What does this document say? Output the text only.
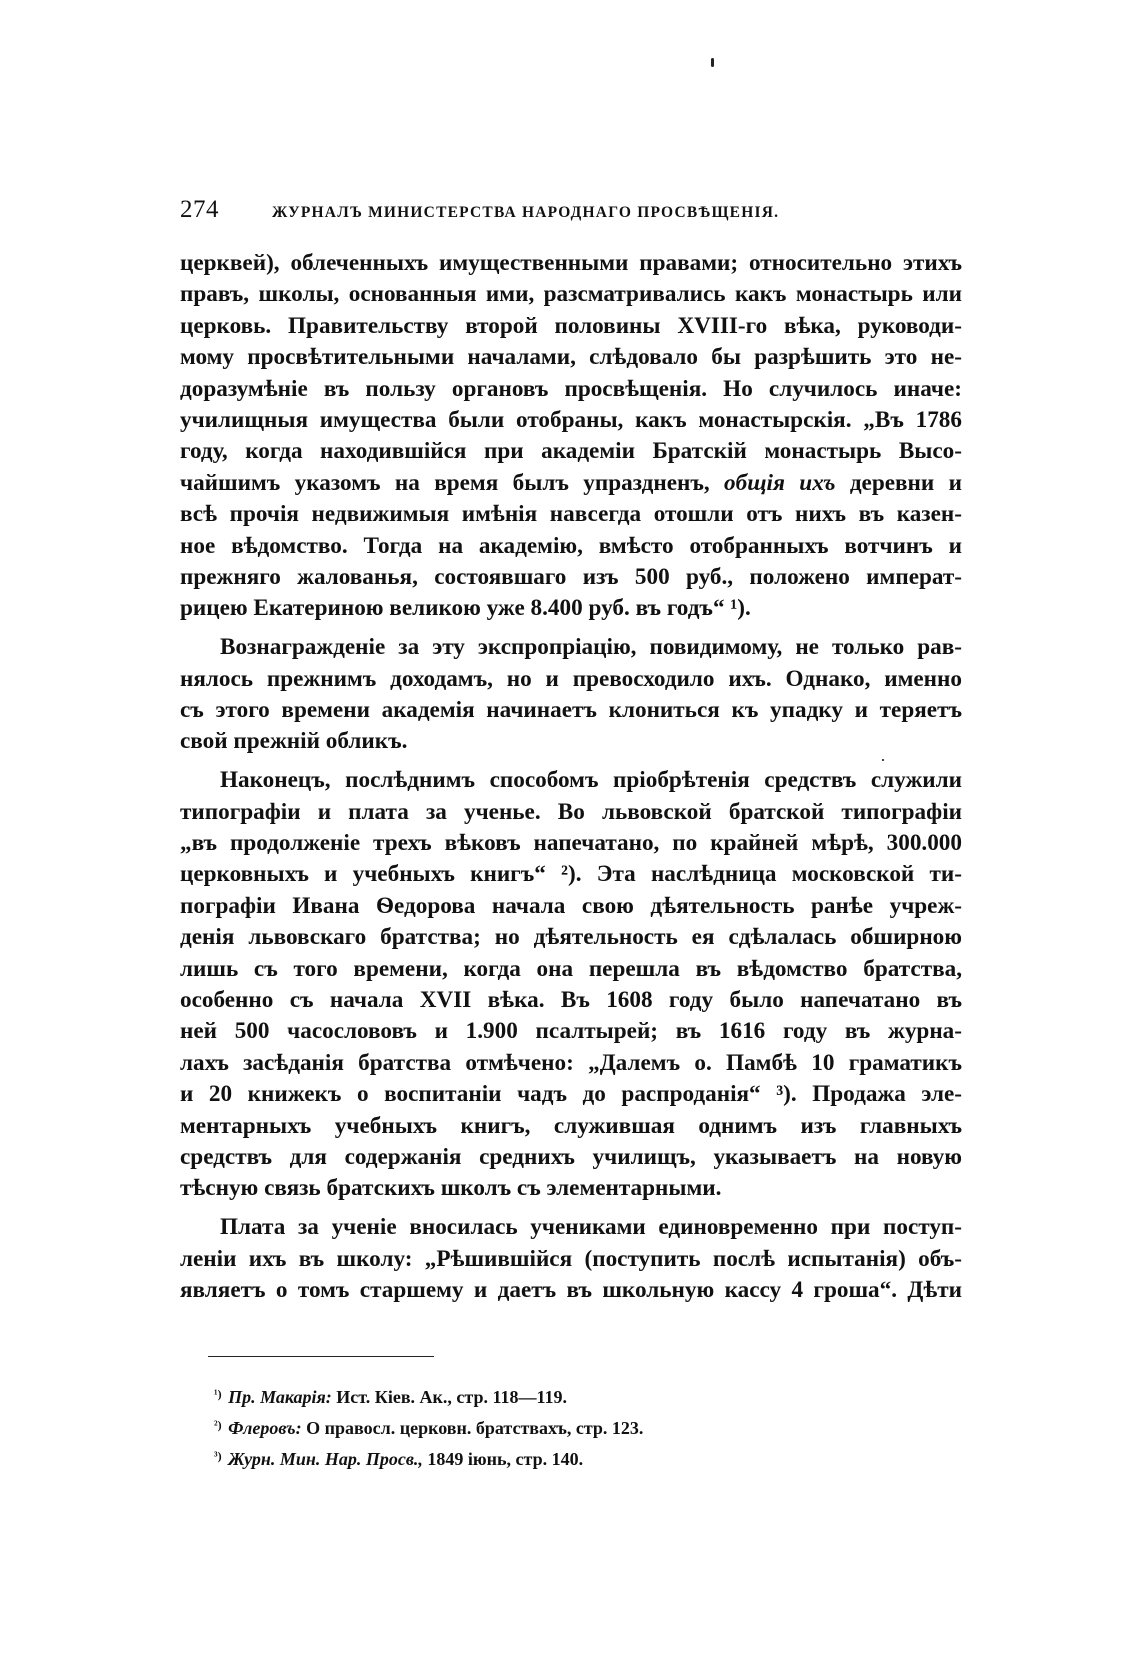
274	ЖУРНАЛЪ МИНИСТЕРСТВА НАРОДНАГО ПРОСВѢЩЕНІЯ.
церквей), облеченныхъ имущественными правами; относительно этихъ
правъ, школы, основанныя ими, разсматривались какъ монастырь или
церковь. Правительству второй половины XVIII-го вѣка, руководи-
мому просвѣтительными началами, слѣдовало бы разрѣшить это не-
доразумѣніе въ пользу органовъ просвѣщенія. Но случилось иначе:
училищныя имущества были отобраны, какъ монастырскія. „Въ 1786
году, когда находившійся при академіи Братскій монастырь Высо-
чайшимъ указомъ на время былъ упраздненъ, общія ихъ деревни и
всѣ прочія недвижимыя имѣнія навсегда отошли отъ нихъ въ казен-
ное вѣдомство. Тогда на академію, вмѣсто отобранныхъ вотчинъ и
прежняго жалованья, состоявшаго изъ 500 руб., положено императ-
рицею Екатериною великою уже 8.400 руб. въ годъ“ ¹).
Вознагражденіе за эту экспропріацію, повидимому, не только рав-
нялось прежнимъ доходамъ, но и превосходило ихъ. Однако, именно
съ этого времени академія начинаетъ клониться къ упадку и теряетъ
свой прежній обликъ.
Наконецъ, послѣднимъ способомъ пріобрѣтенія средствъ служили
типографіи и плата за ученье. Во львовской братской типографіи
„въ продолженіе трехъ вѣковъ напечатано, по крайней мѣрѣ, 300.000
церковныхъ и учебныхъ книгъ“ ²). Эта наслѣдница московской ти-
пографіи Ивана Ѳедорова начала свою дѣятельность ранѣе учреж-
денія львовскаго братства; но дѣятельность ея сдѣлалась обширною
лишь съ того времени, когда она перешла въ вѣдомство братства,
особенно съ начала XVII вѣка. Въ 1608 году было напечатано въ
ней 500 часослововъ и 1.900 псалтырей; въ 1616 году въ журна-
лахъ засѣданія братства отмѣчено: „Далемъ о. Памбѣ 10 граматикъ
и 20 книжекъ о воспитаніи чадъ до распроданія“ ³). Продажа эле-
ментарныхъ учебныхъ книгъ, служившая однимъ изъ главныхъ
средствъ для содержанія среднихъ училищъ, указываетъ на новую
тѣсную связь братскихъ школъ съ элементарными.
Плата за ученіе вносилась учениками единовременно при поступ-
леніи ихъ въ школу: „Рѣшившійся (поступить послѣ испытанія) объ-
являетъ о томъ старшему и даетъ въ школьную кассу 4 гроша“. Дѣти
$^{^1)}$ Пр. Макарія: Ист. Кіев. Ак., стр. 118—119.
$^{^2)}$ Флеровъ: О правосл. церковн. братствахъ, стр. 123.
$^{^3)}$ Журн. Мин. Нар. Просв., 1849 іюнь, стр. 140.
